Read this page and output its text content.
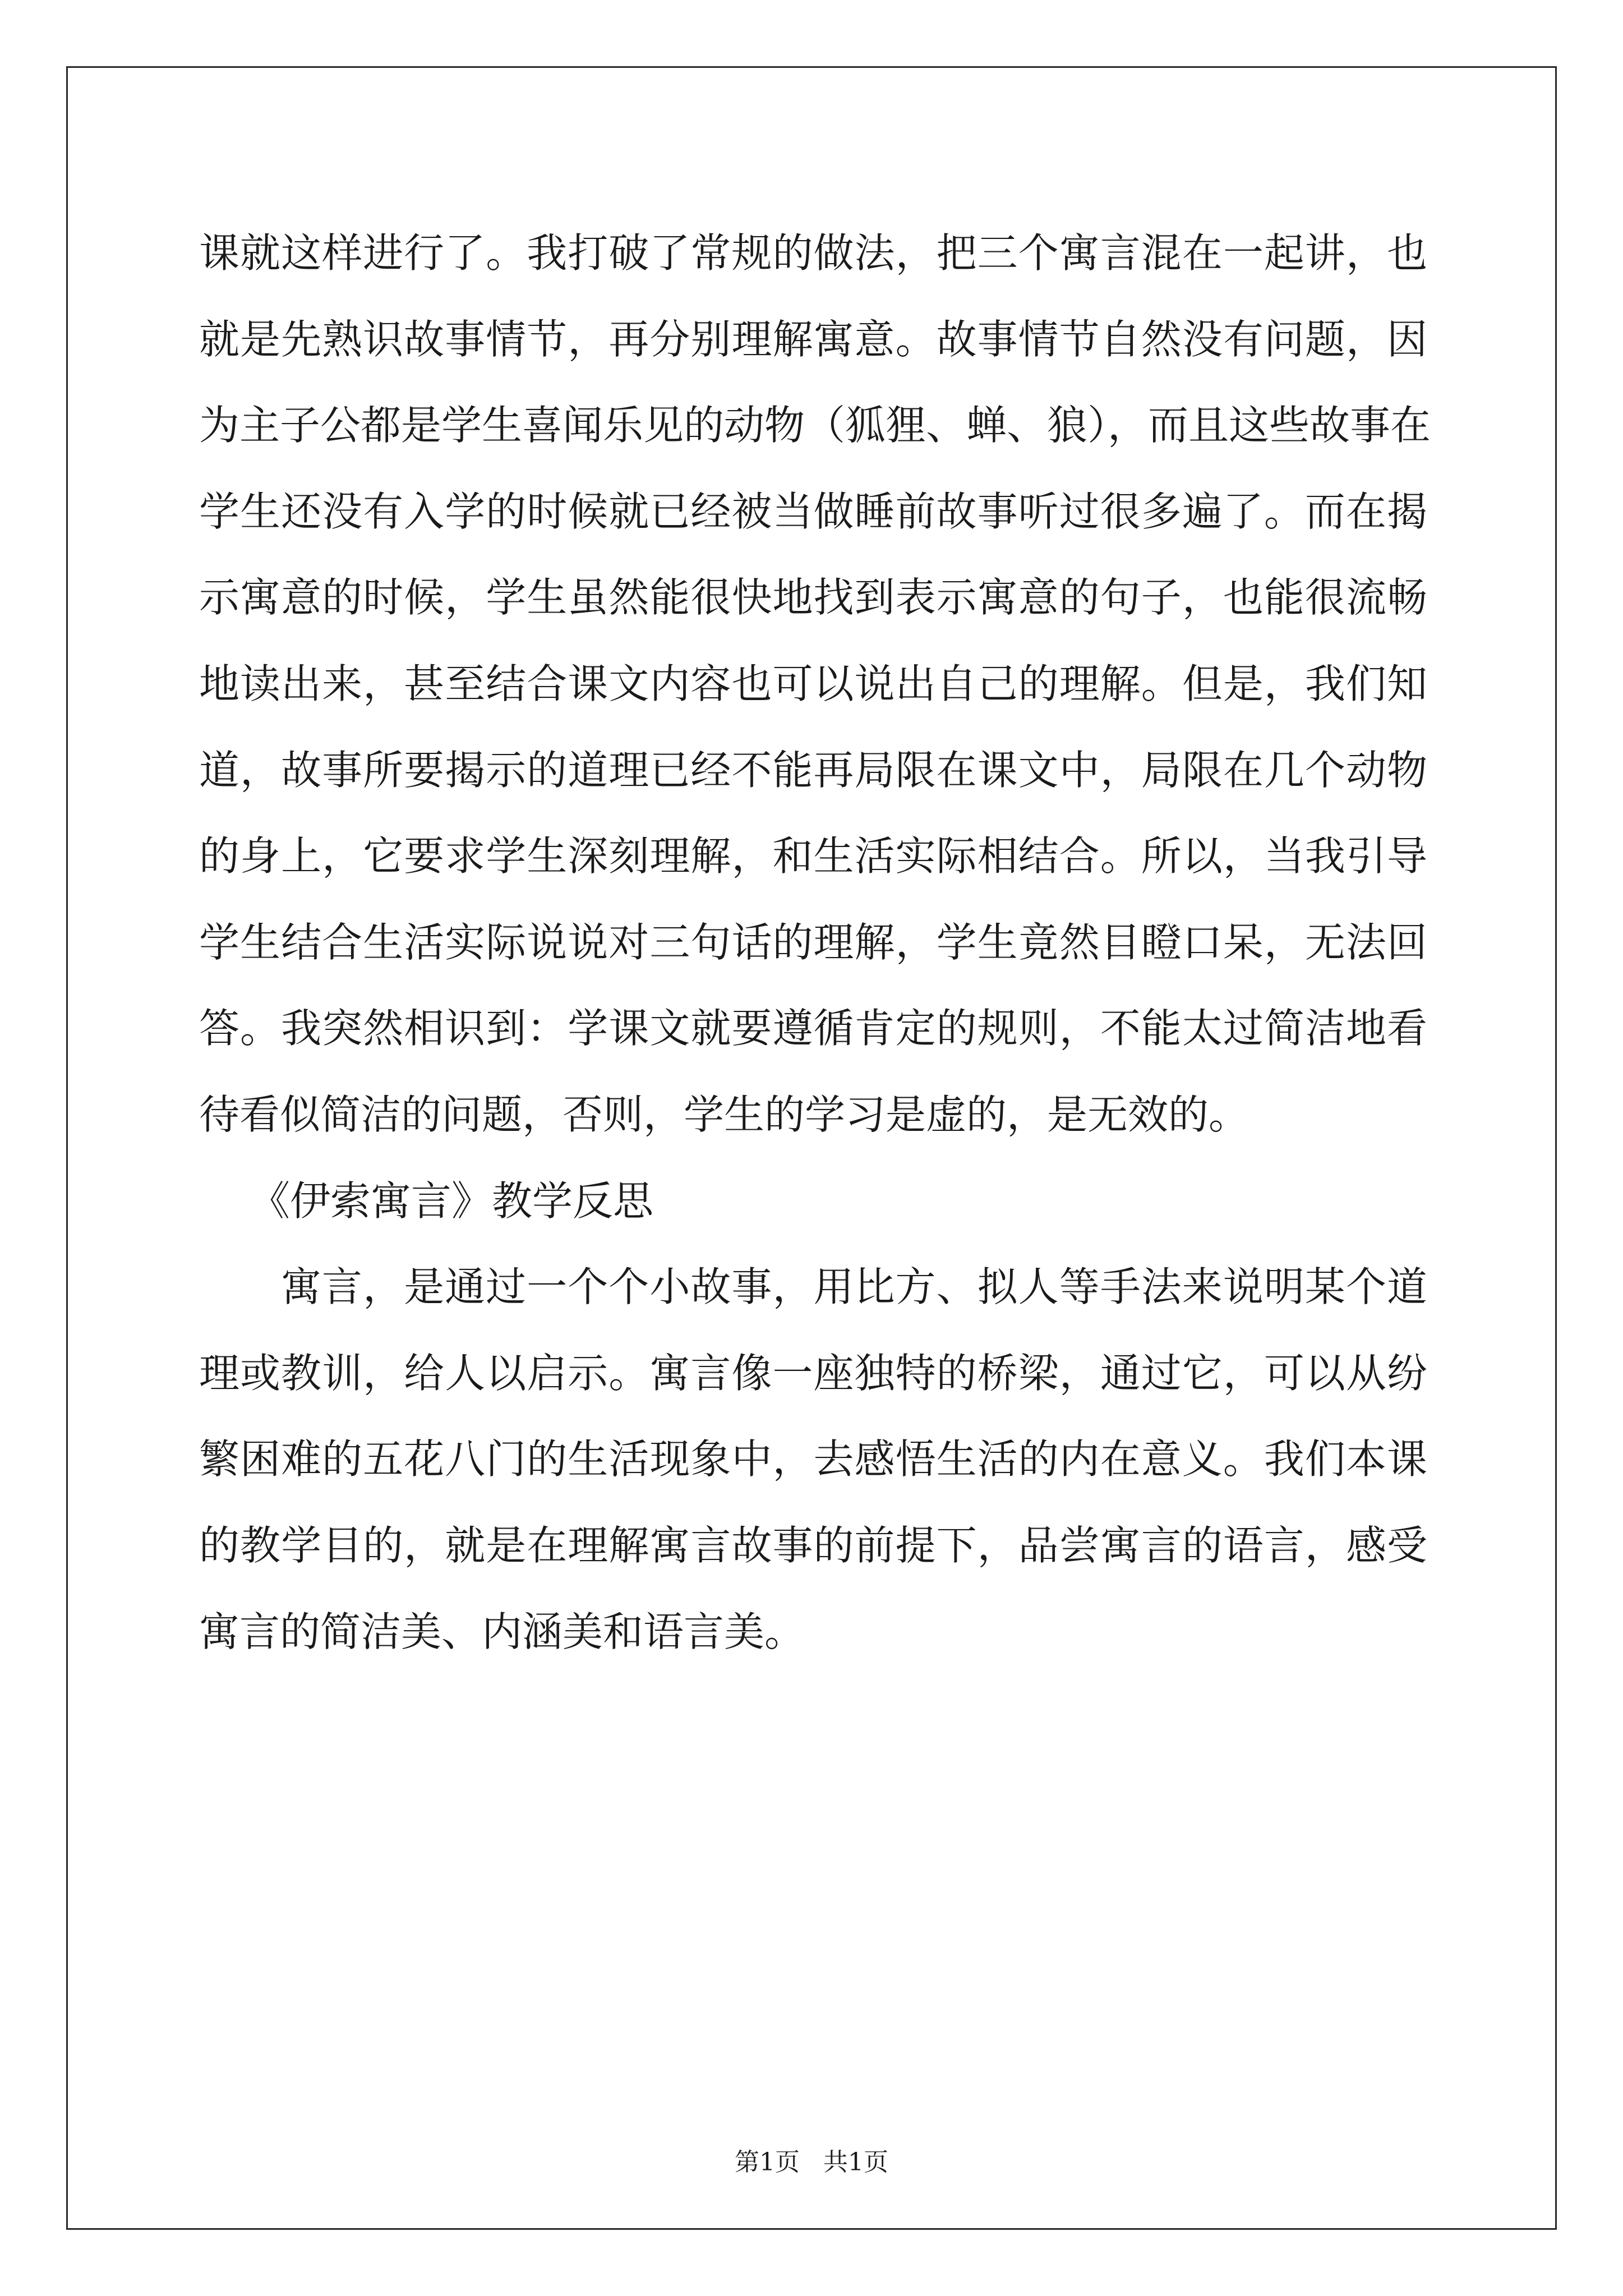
课就这样进行了。我打破了常规的做法，把三个寓言混在一起讲，也
就是先熟识故事情节，再分别理解寓意。故事情节自然没有问题，因
为主子公都是学生喜闻乐见的动物（狐狸、蝉、狼），而且这些故事在
学生还没有入学的时候就已经被当做睡前故事听过很多遍了。而在揭
示寓意的时候，学生虽然能很快地找到表示寓意的句子，也能很流畅
地读出来，甚至结合课文内容也可以说出自己的理解。但是，我们知
道，故事所要揭示的道理已经不能再局限在课文中，局限在几个动物
的身上，它要求学生深刻理解，和生活实际相结合。所以，当我引导
学生结合生活实际说说对三句话的理解，学生竟然目瞪口呆，无法回
答。我突然相识到：学课文就要遵循肯定的规则，不能太过简洁地看
待看似简洁的问题，否则，学生的学习是虚的，是无效的。
《伊索寓言》教学反思
寓言，是通过一个个小故事，用比方、拟人等手法来说明某个道
理或教训，给人以启示。寓言像一座独特的桥梁，通过它，可以从纷
繁困难的五花八门的生活现象中，去感悟生活的内在意义。我们本课
的教学目的，就是在理解寓言故事的前提下，品尝寓言的语言，感受
寓言的简洁美、内涵美和语言美。
第1页 共1页
